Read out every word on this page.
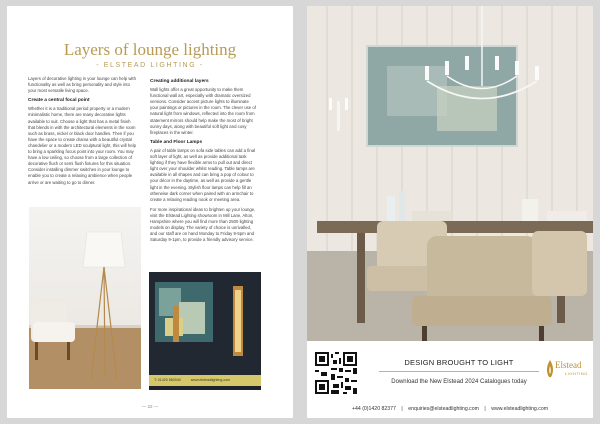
Layers of lounge lighting
- ELSTEAD LIGHTING -

Layers of decorative lighting in your lounge can help with functionality as well as bring personality and style into your most versatile living space.

Create a central focal point

Whether it is a traditional period property or a modern minimalistic home, there are many decorative lights available to suit. Choose a light that has a metal finish that blends in with the architectural elements in the room such as brass, nickel or black door handles. Then if you have the space to create drama with a beautiful crystal chandelier or a modern LED sculptural light, this will help to bring a sparkling focus point into your room. You may have a low ceiling, so choose from a large collection of decorative flush or semi flush fixtures for this situation. Consider installing dimmer switches in your lounge to enable you to create a relaxing ambience when people arrive or are waiting to go to dinner.

Creating additional layers

Wall lights offer a great opportunity to make them functional wall art, especially with dramatic oversized versions. Consider accent picture lights to illuminate your paintings or pictures in the room. The clever use of natural light from windows, reflected into the room from statement mirrors should help make the most of bright sunny days, along with beautiful soft light and cosy fireplaces in the winter.

Table and Floor Lamps

A pair of table lamps on sofa side tables can add a final soft layer of light, as well as provide additional task lighting if they have flexible arms to pull out and direct light over your shoulder whilst reading. Table lamps are available in all shapes and can bring a pop of colour to your décor in the daytime, as well as provide a gentle light in the evening. Stylish floor lamps can help fill an otherwise dark corner when paired with an armchair to create a relaxing reading nook or meeting area.

For more inspirational ideas to brighten up your lounge, visit the Elstead Lighting showroom in Mill Lane, Alton, Hampshire where you will find more than 2500 lighting models on display. The variety of choice is unrivalled, and our staff are on hand Monday to Friday 9-5pm and Saturday 9-1pm, to provide a friendly advisory service.

T: 01420 560040	www.elsteadlighting.com
— 22 —
DESIGN BROUGHT TO LIGHT
Download the New Elstead 2024 Catalogues today
Elstead
LIGHTING
+44 (0)1420 82377 | enquiries@elsteadlighting.com | www.elsteadlighting.com
